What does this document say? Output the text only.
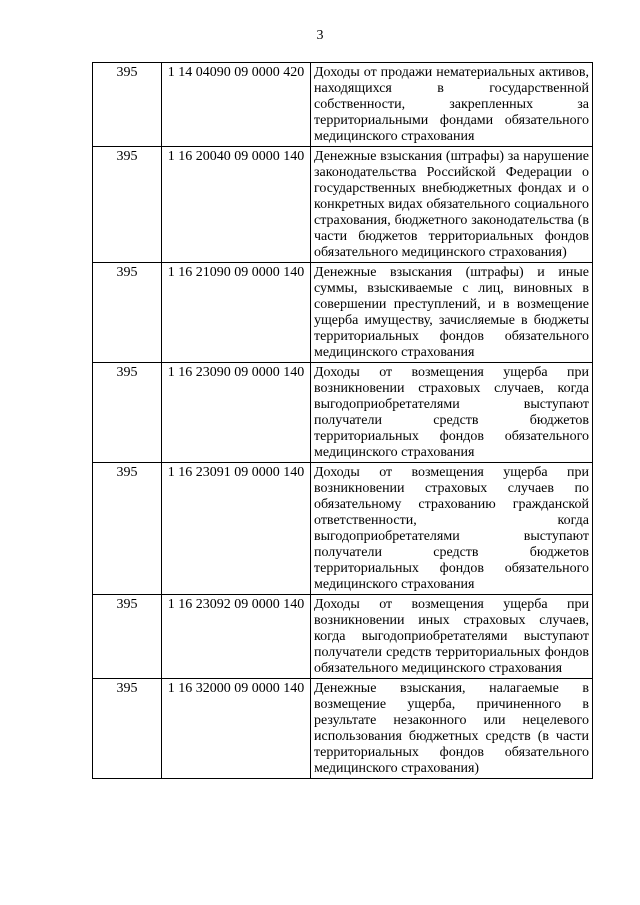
3
395	1 14 04090 09 0000 420	Доходы от продажи нематериальных активов, находящихся в государственной собственности, закрепленных за территориальными фондами обязательного медицинского страхования
395	1 16 20040 09 0000 140	Денежные взыскания (штрафы) за нарушение законодательства Российской Федерации о государственных внебюджетных фондах и о конкретных видах обязательного социального страхования, бюджетного законодательства (в части бюджетов территориальных фондов обязательного медицинского страхования)
395	1 16 21090 09 0000 140	Денежные взыскания (штрафы) и иные суммы, взыскиваемые с лиц, виновных в совершении преступлений, и в возмещение ущерба имуществу, зачисляемые в бюджеты территориальных фондов обязательного медицинского страхования
395	1 16 23090 09 0000 140	Доходы от возмещения ущерба при возникновении страховых случаев, когда выгодоприобретателями выступают получатели средств бюджетов территориальных фондов обязательного медицинского страхования
395	1 16 23091 09 0000 140	Доходы от возмещения ущерба при возникновении страховых случаев по обязательному страхованию гражданской ответственности, когда выгодоприобретателями выступают получатели средств бюджетов территориальных фондов обязательного медицинского страхования
395	1 16 23092 09 0000 140	Доходы от возмещения ущерба при возникновении иных страховых случаев, когда выгодоприобретателями выступают получатели средств территориальных фондов обязательного медицинского страхования
395	1 16 32000 09 0000 140	Денежные взыскания, налагаемые в возмещение ущерба, причиненного в результате незаконного или нецелевого использования бюджетных средств (в части территориальных фондов обязательного медицинского страхования)
